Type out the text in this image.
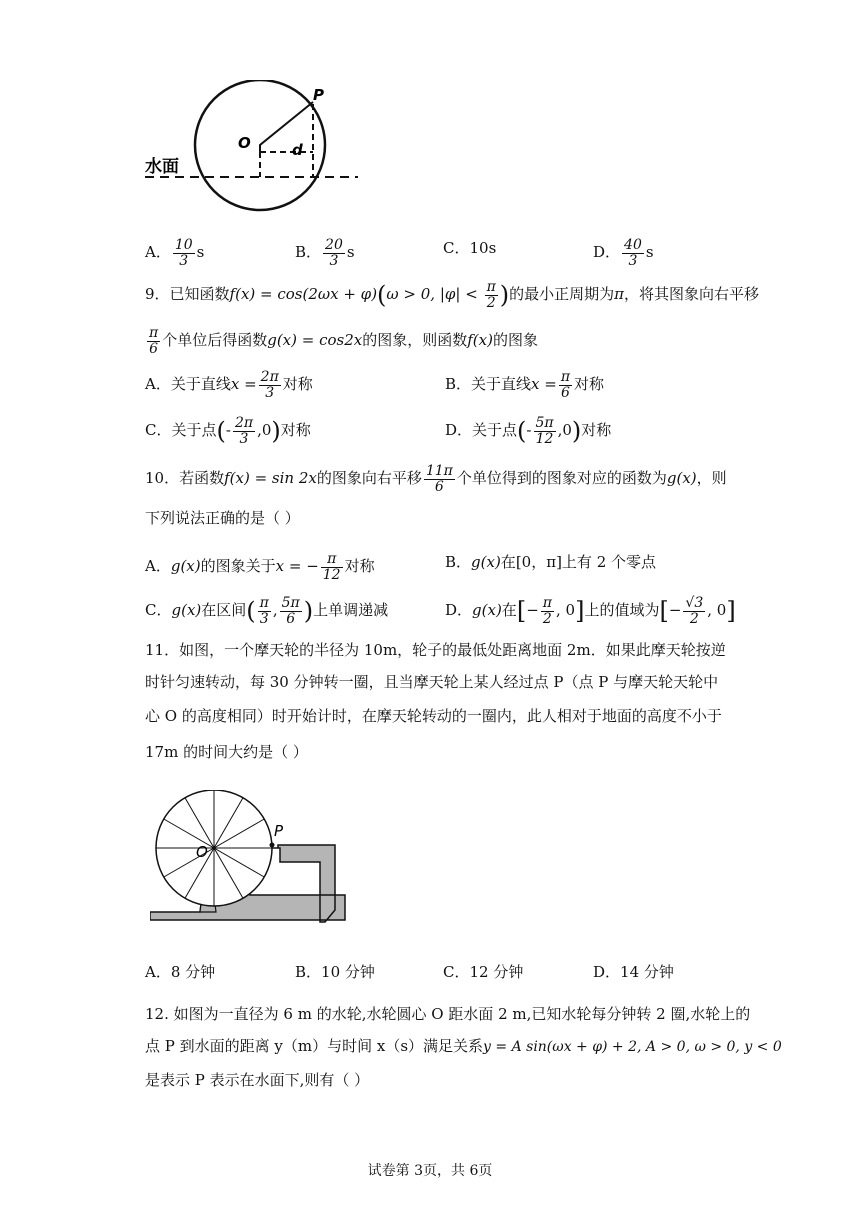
O
P
d
水面
A． $\frac{10}{3}$ s	B． $\frac{20}{3}$ s	C．10s	D． $\frac{40}{3}$ s
9．已知函数f(x) = cos(2ωx + φ)(ω > 0, $|\varphi| < \frac{\pi}{2}$ )的最小正周期为π，将其图象向右平移
$\frac{\pi}{6}$ 个单位后得函数g(x) = cos2x的图象，则函数f(x)的图象
A．关于直线$x = \frac{2\pi}{3}$ 对称	B．关于直线$x = \frac{\pi}{6}$ 对称
C．关于点(- $\frac{2\pi}{3} ,0$)对称	D．关于点(- $\frac{5\pi}{12} ,0$)对称
10．若函数f(x) = sin 2x的图象向右平移 $\frac{11\pi}{6}$ 个单位得到的图象对应的函数为g(x)，则
下列说法正确的是（ ）
A．g(x)的图象关于x = − $\frac{\pi}{12}$ 对称	B．g(x)在[0，π]上有 2 个零点
C．g(x)在区间( $\frac{\pi}{3}$ , $\frac{5\pi}{6}$ )上单调递减	D．g(x)在[− $\frac{\pi}{2}$ , 0]上的值域为[− $\frac{√3}{2}$ , 0]
11．如图，一个摩天轮的半径为 10m，轮子的最低处距离地面 2m．如果此摩天轮按逆
时针匀速转动，每 30 分钟转一圈，且当摩天轮上某人经过点 P（点 P 与摩天轮天轮中
心 O 的高度相同）时开始计时，在摩天轮转动的一圈内，此人相对于地面的高度不小于
17m 的时间大约是（ ）
O
P
A．8 分钟	B．10 分钟	C．12 分钟	D．14 分钟
12. 如图为一直径为 6 m 的水轮,水轮圆心 O 距水面 2 m,已知水轮每分钟转 2 圈,水轮上的
点 P 到水面的距离 y（m）与时间 x（s）满足关系y = A sin(ωx + φ) + 2, A > 0, ω > 0, y < 0
是表示 P 表示在水面下,则有（ ）
试卷第 3页，共 6页
